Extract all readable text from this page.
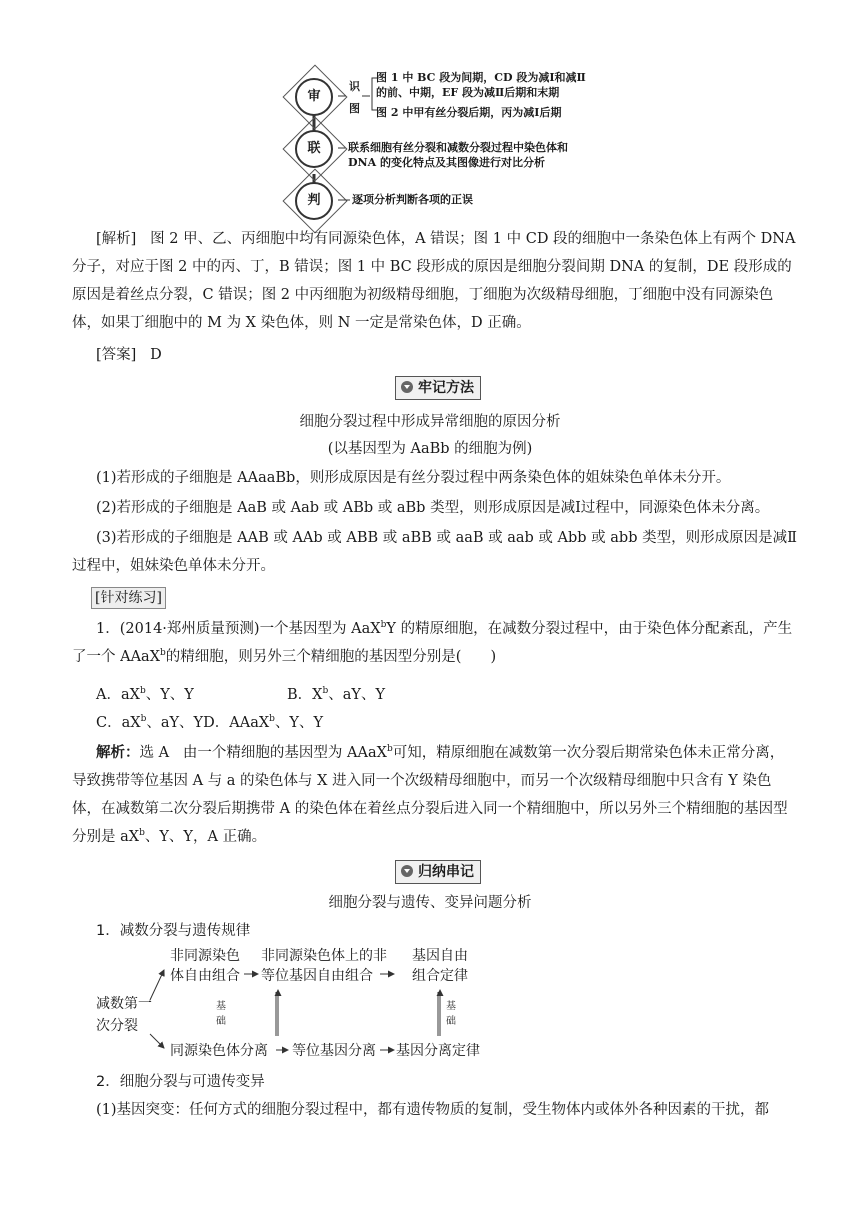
审
联
判
识
图
图 1 中 BC 段为间期，CD 段为减Ⅰ和减Ⅱ
的前、中期，EF 段为减Ⅱ后期和末期
图 2 中甲有丝分裂后期，丙为减Ⅰ后期
联系细胞有丝分裂和减数分裂过程中染色体和
DNA 的变化特点及其图像进行对比分析
逐项分析判断各项的正误
[解析] 图 2 甲、乙、丙细胞中均有同源染色体，A 错误；图 1 中 CD 段的细胞中一条染色体上有两个 DNA 分子，对应于图 2 中的丙、丁，B 错误；图 1 中 BC 段形成的原因是细胞分裂间期 DNA 的复制，DE 段形成的原因是着丝点分裂，C 错误；图 2 中丙细胞为初级精母细胞，丁细胞为次级精母细胞，丁细胞中没有同源染色体，如果丁细胞中的 M 为 X 染色体，则 N 一定是常染色体，D 正确。
[答案] D
牢记方法
细胞分裂过程中形成异常细胞的原因分析
(以基因型为 AaBb 的细胞为例)
(1)若形成的子细胞是 AAaaBb，则形成原因是有丝分裂过程中两条染色体的姐妹染色单体未分开。
(2)若形成的子细胞是 AaB 或 Aab 或 ABb 或 aBb 类型，则形成原因是减Ⅰ过程中，同源染色体未分离。
(3)若形成的子细胞是 AAB 或 AAb 或 ABB 或 aBB 或 aaB 或 aab 或 Abb 或 abb 类型，则形成原因是减Ⅱ过程中，姐妹染色单体未分开。
[针对练习]
1．(2014·郑州质量预测)一个基因型为 AaX$^b$Y 的精原细胞，在减数分裂过程中，由于染色体分配紊乱，产生了一个 AAaX$^b$的精细胞，则另外三个精细胞的基因型分别是(　　)
A．$aX^b$、Y、Y	B．$X^b$、aY、Y
C．$aX^b$、aY、YD．AAaX$^b$、Y、Y
解析：选 A 由一个精细胞的基因型为 AAaX$^b$可知，精原细胞在减数第一次分裂后期常染色体未正常分离，导致携带等位基因 A 与 a 的染色体与 X 进入同一个次级精母细胞中，而另一个次级精母细胞中只含有 Y 染色体，在减数第二次分裂后期携带 A 的染色体在着丝点分裂后进入同一个精细胞中，所以另外三个精细胞的基因型分别是 $aX^b$、Y、Y，A 正确。
归纳串记
细胞分裂与遗传、变异问题分析
1．减数分裂与遗传规律
减数第一
次分裂
非同源染色
体自由组合
非同源染色体上的非
等位基因自由组合
基因自由
组合定律
基
础
基
础
同源染色体分离 等位基因分离 基因分离定律
2．细胞分裂与可遗传变异
(1)基因突变：任何方式的细胞分裂过程中，都有遗传物质的复制，受生物体内或体外各种因素的干扰，都
